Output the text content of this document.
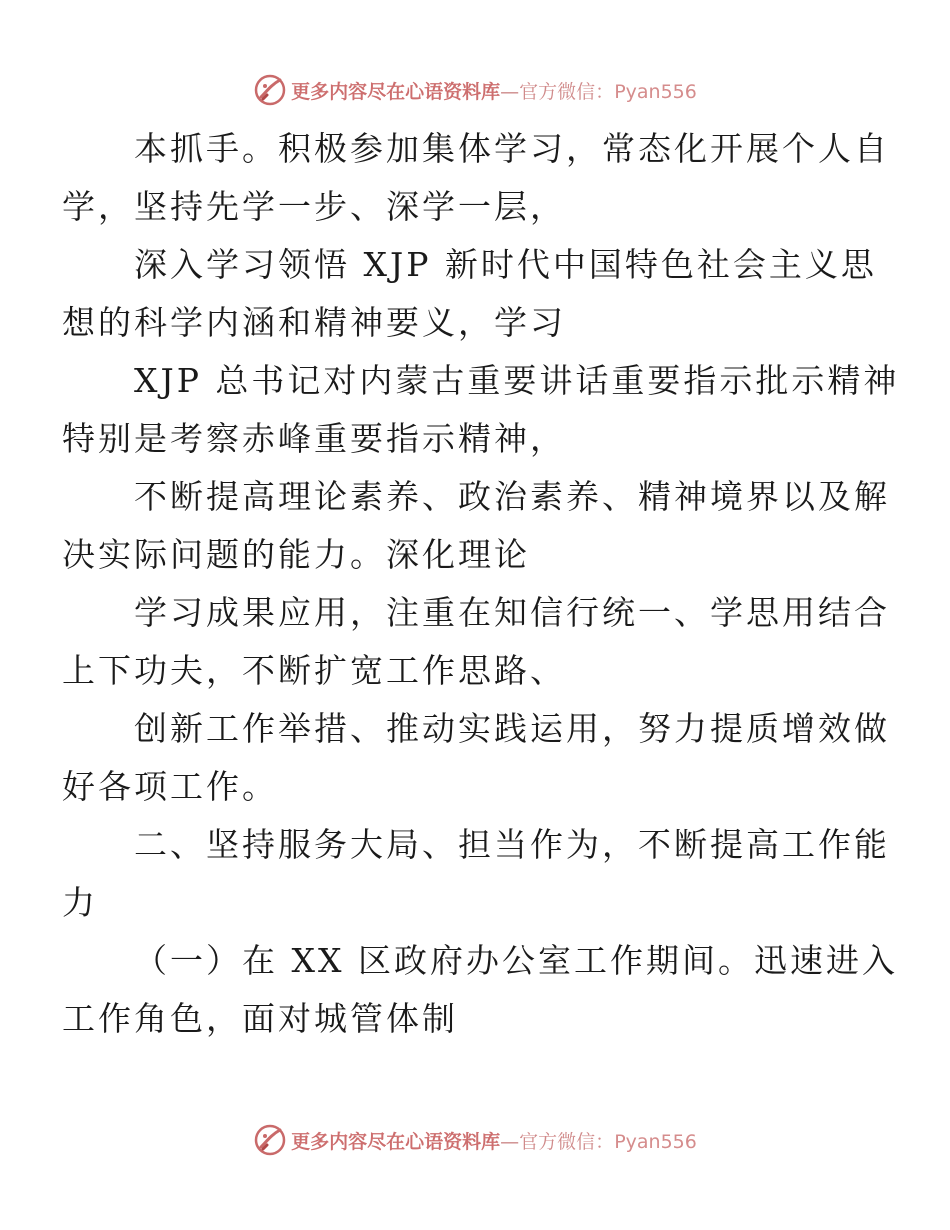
更多内容尽在心语资料库—官方微信：Pyan556

本抓手。积极参加集体学习，常态化开展个人自
学，坚持先学一步、深学一层，

深入学习领悟 XJP 新时代中国特色社会主义思
想的科学内涵和精神要义，学习

XJP 总书记对内蒙古重要讲话重要指示批示精神
特别是考察赤峰重要指示精神，

不断提高理论素养、政治素养、精神境界以及解
决实际问题的能力。深化理论

学习成果应用，注重在知信行统一、学思用结合
上下功夫，不断扩宽工作思路、

创新工作举措、推动实践运用，努力提质增效做
好各项工作。

二、坚持服务大局、担当作为，不断提高工作能
力

（一）在 XX 区政府办公室工作期间。迅速进入
工作角色，面对城管体制

更多内容尽在心语资料库—官方微信：Pyan556
